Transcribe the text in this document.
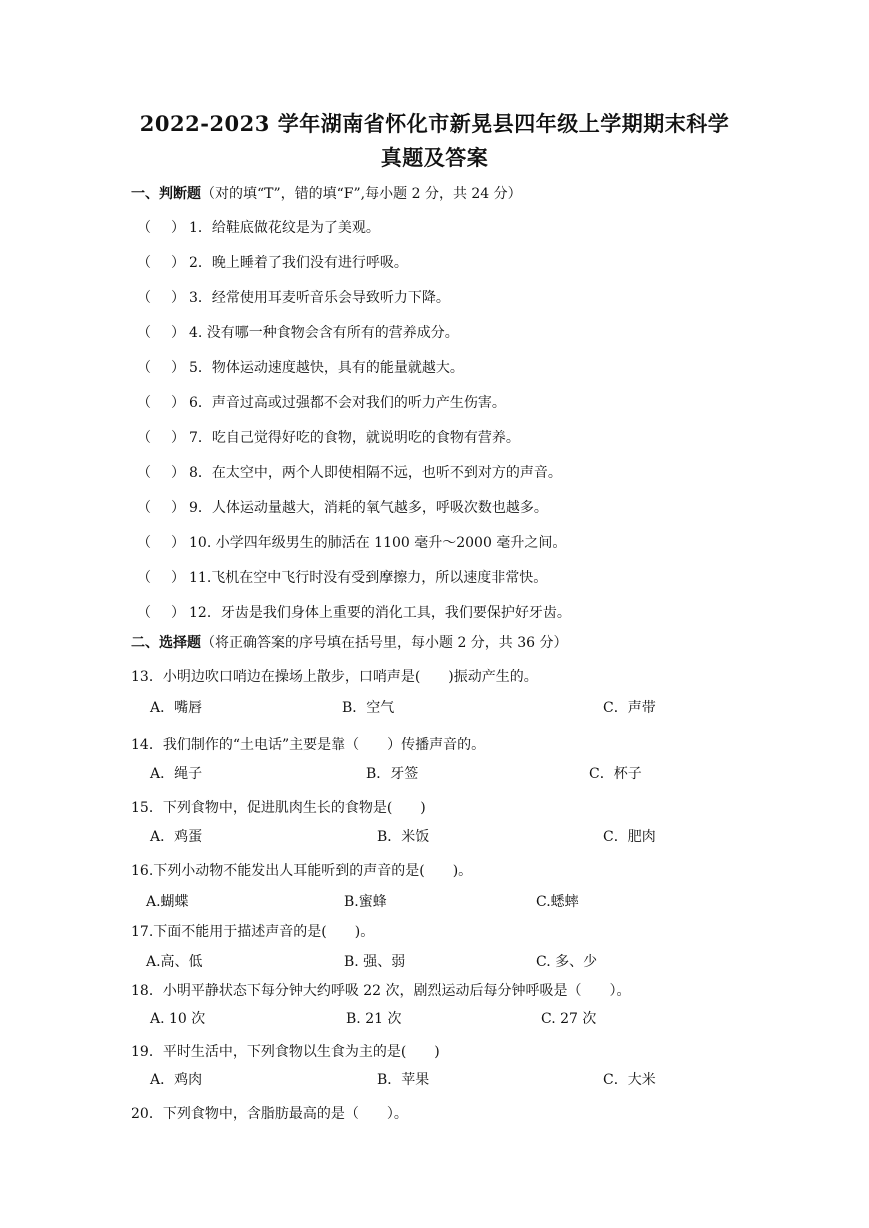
2022-2023 学年湖南省怀化市新晃县四年级上学期期末科学
真题及答案
一、判断题（对的填“T”，错的填“F”,每小题 2 分，共 24 分）
（ ） 1．给鞋底做花纹是为了美观。
（ ） 2．晚上睡着了我们没有进行呼吸。
（ ） 3．经常使用耳麦听音乐会导致听力下降。
（ ） 4. 没有哪一种食物会含有所有的营养成分。
（ ） 5．物体运动速度越快，具有的能量就越大。
（ ） 6．声音过高或过强都不会对我们的听力产生伤害。
（ ） 7．吃自己觉得好吃的食物，就说明吃的食物有营养。
（ ） 8．在太空中，两个人即使相隔不远，也听不到对方的声音。
（ ） 9．人体运动量越大，消耗的氧气越多，呼吸次数也越多。
（ ） 10. 小学四年级男生的肺活在 1100 毫升～2000 毫升之间。
（ ） 11.飞机在空中飞行时没有受到摩擦力，所以速度非常快。
（ ） 12．牙齿是我们身体上重要的消化工具，我们要保护好牙齿。
二、选择题（将正确答案的序号填在括号里，每小题 2 分，共 36 分）
13．小明边吹口哨边在操场上散步，口哨声是(　　)振动产生的。
A．嘴唇	B．空气	C．声带
14．我们制作的“土电话”主要是靠（　　）传播声音的。
A．绳子	B．牙签	C．杯子
15．下列食物中，促进肌肉生长的食物是(　　)
A．鸡蛋	B．米饭	C．肥肉
16.下列小动物不能发出人耳能听到的声音的是(　　)。
A.蝴蝶	B.蜜蜂	C.蟋蟀
17.下面不能用于描述声音的是(　　)。
A.高、低	B. 强、弱	C. 多、少
18．小明平静状态下每分钟大约呼吸 22 次，剧烈运动后每分钟呼吸是（　　）。
A. 10 次	B. 21 次	C. 27 次
19．平时生活中，下列食物以生食为主的是(　　)
A．鸡肉	B．苹果	C．大米
20．下列食物中，含脂肪最高的是（　　）。
